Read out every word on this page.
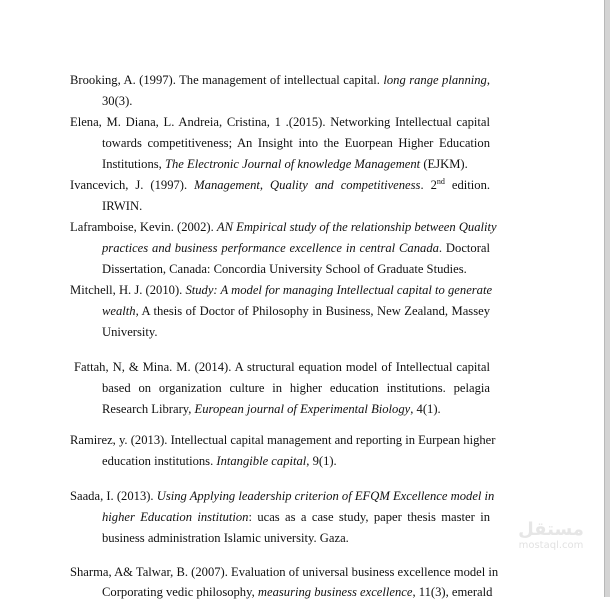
Brooking, A. (1997). The management of intellectual capital. long range planning,
30(3).
Elena, M. Diana, L. Andreia, Cristina, 1 .(2015). Networking Intellectual capital
towards competitiveness; An Insight into the Euorpean Higher Education
Institutions, The Electronic Journal of knowledge Management (EJKM).
Ivancevich, J. (1997). Management, Quality and competitiveness. 2nd edition.
IRWIN.
Laframboise, Kevin. (2002). AN Empirical study of the relationship between Quality
practices and business performance excellence in central Canada. Doctoral
Dissertation, Canada: Concordia University School of Graduate Studies.
Mitchell, H. J. (2010). Study: A model for managing Intellectual capital to generate
wealth, A thesis of Doctor of Philosophy in Business, New Zealand, Massey
University.
Fattah, N, & Mina. M. (2014). A structural equation model of Intellectual capital
based on organization culture in higher education institutions. pelagia
Research Library, European journal of Experimental Biology, 4(1).
Ramirez, y. (2013). Intellectual capital management and reporting in Eurpean higher
education institutions. Intangible capital, 9(1).
Saada, I. (2013). Using Applying leadership criterion of EFQM Excellence model in
higher Education institution: ucas as a case study, paper thesis master in
business administration Islamic university. Gaza.
Sharma, A& Talwar, B. (2007). Evaluation of universal business excellence model in
Corporating vedic philosophy, measuring business excellence, 11(3), emerald
مستقل
mostaql.com
